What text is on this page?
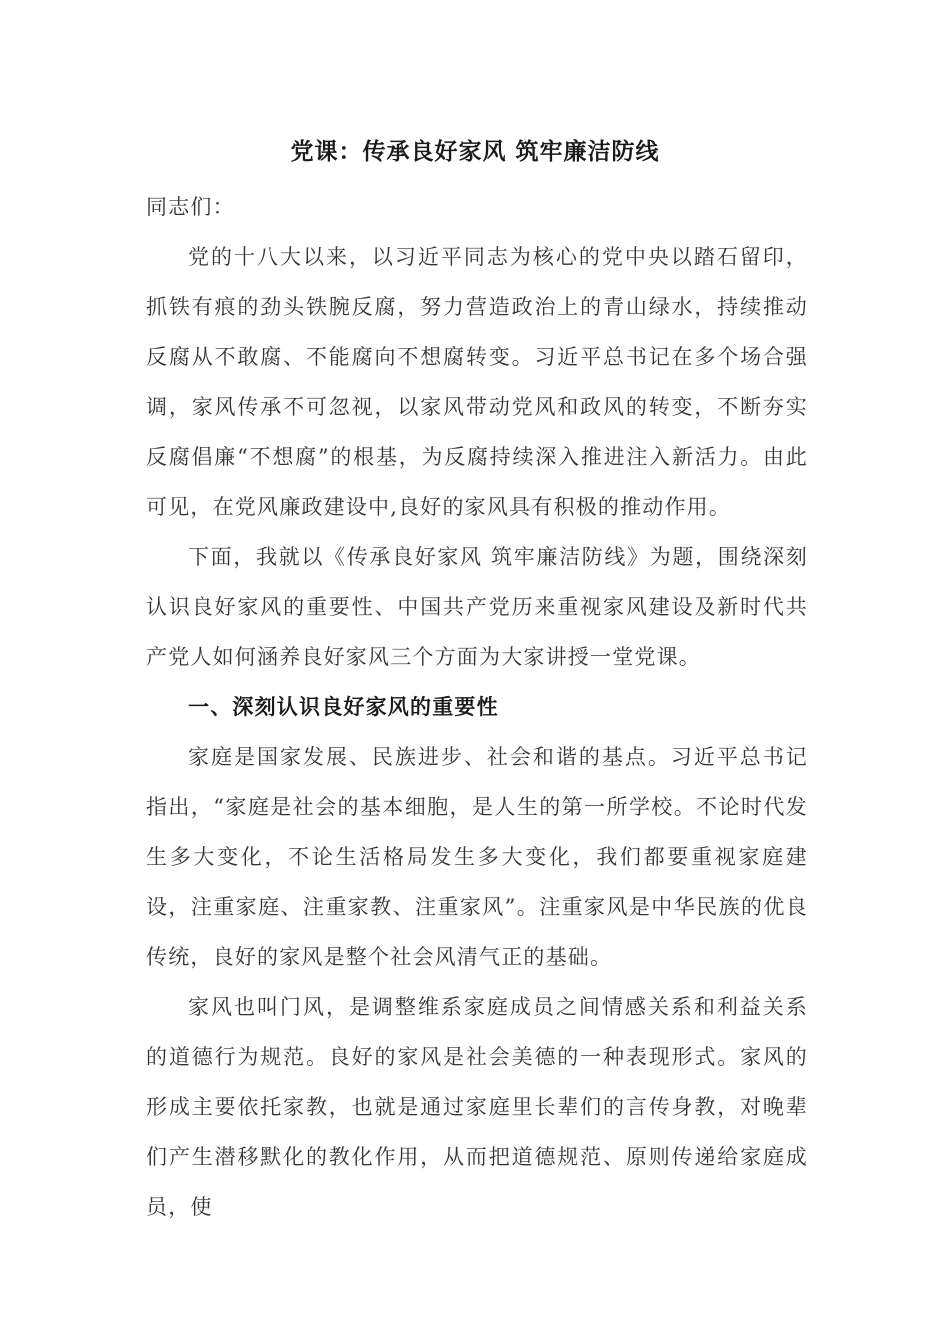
党课：传承良好家风 筑牢廉洁防线

同志们：

党的十八大以来，以习近平同志为核心的党中央以踏石留印，抓铁有痕的劲头铁腕反腐，努力营造政治上的青山绿水，持续推动反腐从不敢腐、不能腐向不想腐转变。习近平总书记在多个场合强调，家风传承不可忽视，以家风带动党风和政风的转变，不断夯实反腐倡廉“不想腐”的根基，为反腐持续深入推进注入新活力。由此可见，在党风廉政建设中,良好的家风具有积极的推动作用。

下面，我就以《传承良好家风 筑牢廉洁防线》为题，围绕深刻认识良好家风的重要性、中国共产党历来重视家风建设及新时代共产党人如何涵养良好家风三个方面为大家讲授一堂党课。

一、深刻认识良好家风的重要性

家庭是国家发展、民族进步、社会和谐的基点。习近平总书记指出，“家庭是社会的基本细胞，是人生的第一所学校。不论时代发生多大变化，不论生活格局发生多大变化，我们都要重视家庭建设，注重家庭、注重家教、注重家风”。注重家风是中华民族的优良传统，良好的家风是整个社会风清气正的基础。

家风也叫门风，是调整维系家庭成员之间情感关系和利益关系的道德行为规范。良好的家风是社会美德的一种表现形式。家风的形成主要依托家教，也就是通过家庭里长辈们的言传身教，对晚辈们产生潜移默化的教化作用，从而把道德规范、原则传递给家庭成员，使
